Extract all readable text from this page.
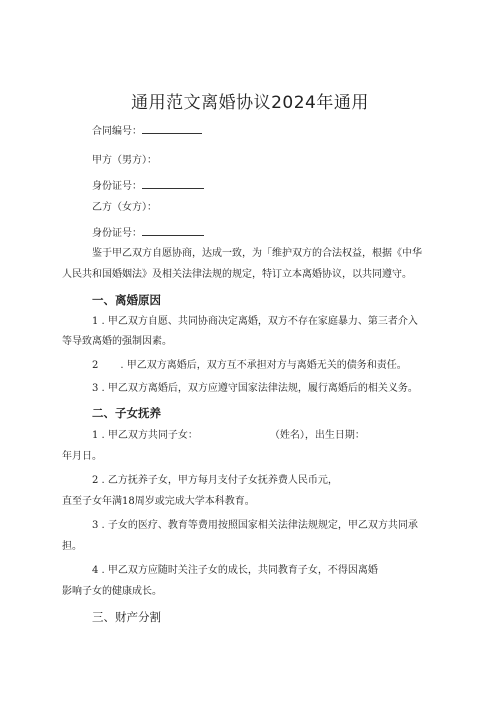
通用范文离婚协议2024年通用
合同编号：
甲方（男方）：
身份证号：
乙方（女方）：
身份证号：
鉴于甲乙双方自愿协商，达成一致，为「维护双方的合法权益，根据《中华
人民共和国婚姻法》及相关法律法规的规定，特订立本离婚协议，以共同遵守。
一、离婚原因
1 . 甲乙双方自愿、共同协商决定离婚，双方不存在家庭暴力、第三者介入
等导致离婚的强制因素。
2 . 甲乙双方离婚后，双方互不承担对方与离婚无关的债务和责任。
3 . 甲乙双方离婚后，双方应遵守国家法律法规，履行离婚后的相关义务。
二、子女抚养
1 . 甲乙双方共同子女：	（姓名），出生日期：
年月日。
2 . 乙方抚养子女，甲方每月支付子女抚养费人民币元，
直至子女年满18周岁或完成大学本科教育。
3 . 子女的医疗、教育等费用按照国家相关法律法规规定，甲乙双方共同承
担。
4 . 甲乙双方应随时关注子女的成长，共同教育子女，不得因离婚
影响子女的健康成长。
三、财产分割
